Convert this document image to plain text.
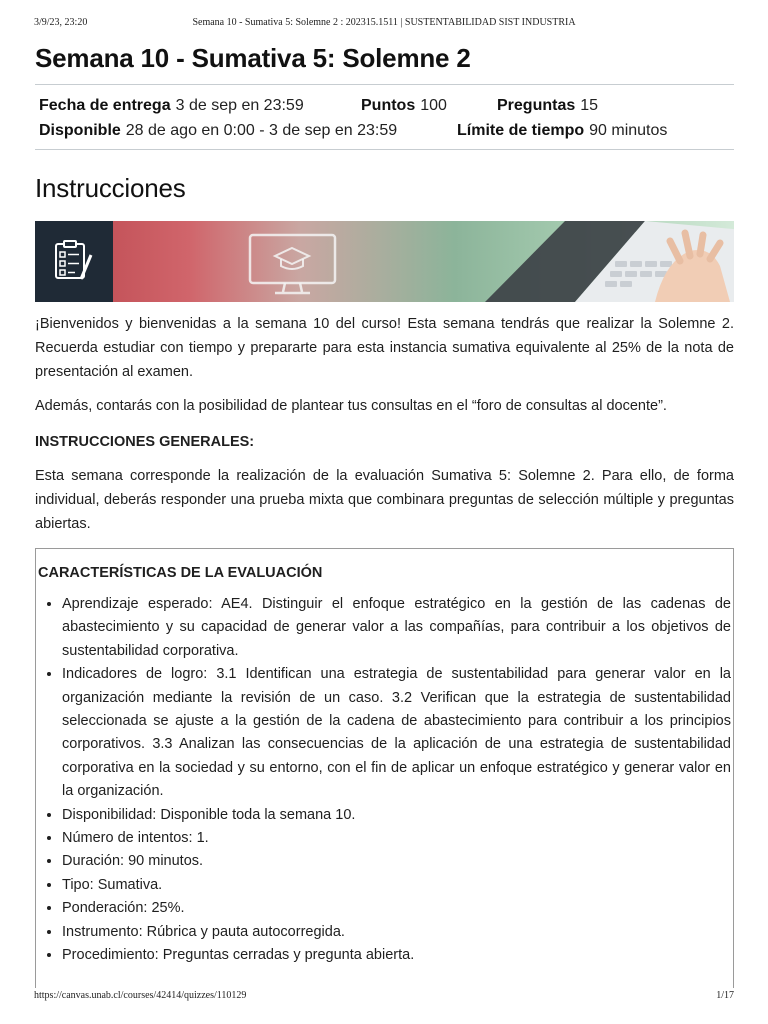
3/9/23, 23:20	Semana 10 - Sumativa 5: Solemne 2 : 202315.1511 | SUSTENTABILIDAD SIST INDUSTRIA
Semana 10 - Sumativa 5: Solemne 2
Fecha de entrega 3 de sep en 23:59	Puntos 100	Preguntas 15
Disponible 28 de ago en 0:00 - 3 de sep en 23:59	Límite de tiempo 90 minutos
Instrucciones

¡Bienvenidos y bienvenidas a la semana 10 del curso! Esta semana tendrás que realizar la Solemne 2. Recuerda estudiar con tiempo y prepararte para esta instancia sumativa equivalente al 25% de la nota de presentación al examen.

Además, contarás con la posibilidad de plantear tus consultas en el “foro de consultas al docente”.

INSTRUCCIONES GENERALES:

Esta semana corresponde la realización de la evaluación Sumativa 5: Solemne 2. Para ello, de forma individual, deberás responder una prueba mixta que combinara preguntas de selección múltiple y preguntas abiertas.

CARACTERÍSTICAS DE LA EVALUACIÓN
• Aprendizaje esperado: AE4. Distinguir el enfoque estratégico en la gestión de las cadenas de abastecimiento y su capacidad de generar valor a las compañías, para contribuir a los objetivos de sustentabilidad corporativa.
• Indicadores de logro: 3.1 Identifican una estrategia de sustentabilidad para generar valor en la organización mediante la revisión de un caso. 3.2 Verifican que la estrategia de sustentabilidad seleccionada se ajuste a la gestión de la cadena de abastecimiento para contribuir a los principios corporativos. 3.3 Analizan las consecuencias de la aplicación de una estrategia de sustentabilidad corporativa en la sociedad y su entorno, con el fin de aplicar un enfoque estratégico y generar valor en la organización.
• Disponibilidad: Disponible toda la semana 10.
• Número de intentos: 1.
• Duración: 90 minutos.
• Tipo: Sumativa.
• Ponderación: 25%.
• Instrumento: Rúbrica y pauta autocorregida.
• Procedimiento: Preguntas cerradas y pregunta abierta.
https://canvas.unab.cl/courses/42414/quizzes/110129	1/17
